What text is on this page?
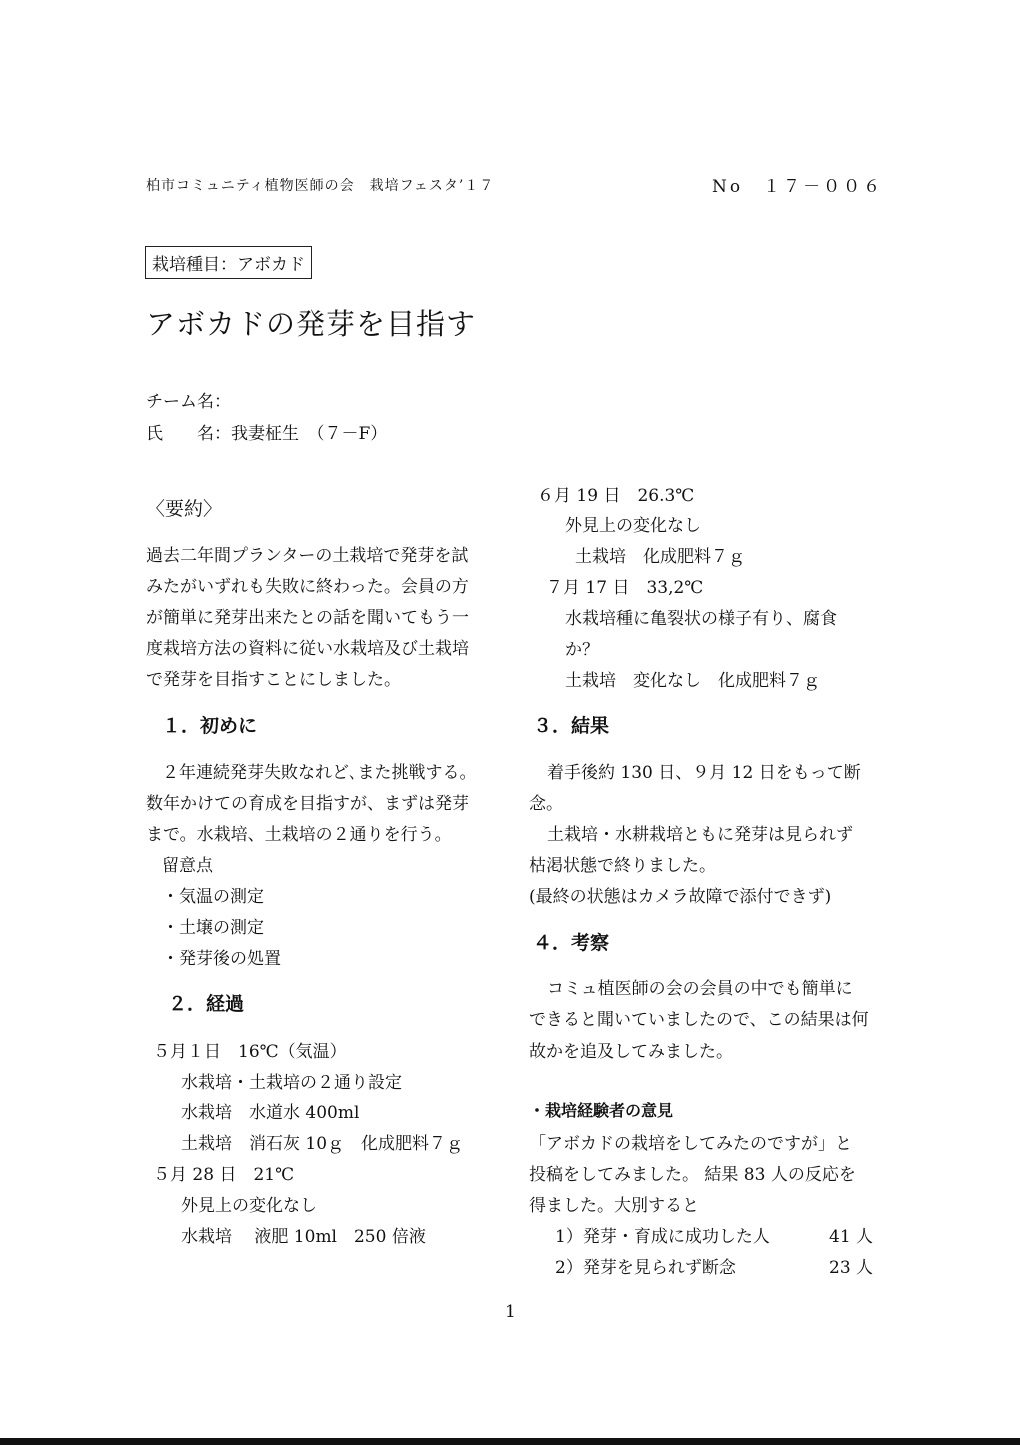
柏市コミュニティ植物医師の会　栽培フェスタ’１７	No　１７－００６
栽培種目：アボカド
アボカドの発芽を目指す
チーム名：
氏　　名：我妻柾生　（７－F）
〈要約〉
過去二年間プランターの土栽培で発芽を試
みたがいずれも失敗に終わった。会員の方
が簡単に発芽出来たとの話を聞いてもう一
度栽培方法の資料に従い水栽培及び土栽培
で発芽を目指すことにしました。
１．初めに
２年連続発芽失敗なれど､また挑戦する。
数年かけての育成を目指すが、まずは発芽
まで。水栽培、土栽培の２通りを行う。
留意点
・気温の測定
・土壌の測定
・発芽後の処置
２．経過
５月１日　16℃（気温）
水栽培・土栽培の２通り設定
水栽培　水道水 400ml
土栽培　消石灰 10ｇ　化成肥料７ｇ
５月 28 日　21℃
外見上の変化なし
水栽培　 液肥 10ml　250 倍液
６月 19 日　26.3℃
外見上の変化なし
土栽培　化成肥料７ｇ
７月 17 日　33,2℃
水栽培種に亀裂状の様子有り、腐食
か？
土栽培　変化なし　化成肥料７ｇ
３．結果
着手後約 130 日、９月 12 日をもって断
念。
土栽培・水耕栽培ともに発芽は見られず
枯渇状態で終りました。
(最終の状態はカメラ故障で添付できず)
４．考察
コミュ植医師の会の会員の中でも簡単に
できると聞いていましたので、この結果は何
故かを追及してみました。
・栽培経験者の意見
「アボカドの栽培をしてみたのですが」と
投稿をしてみました。 結果 83 人の反応を
得ました。大別すると
1）発芽・育成に成功した人	41 人
2）発芽を見られず断念	23 人
1
